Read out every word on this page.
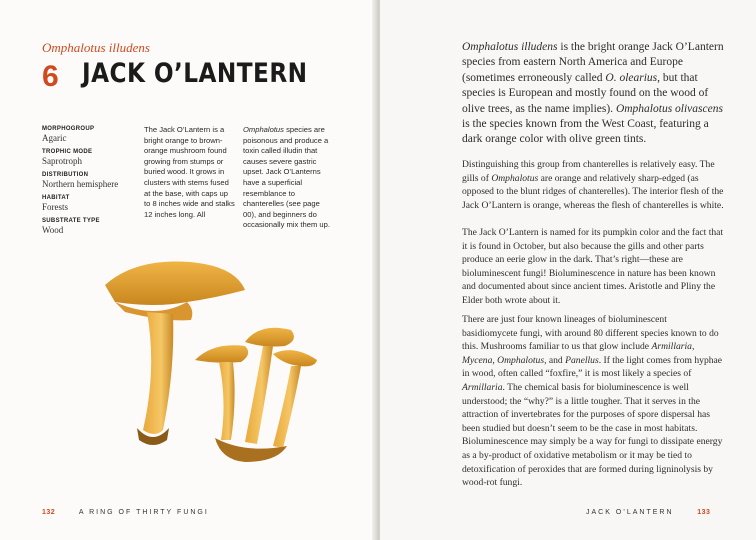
Omphalotus illudens
6 JACK O’LANTERN
MORPHOGROUP
Agaric
TROPHIC MODE
Saprotroph
DISTRIBUTION
Northern hemisphere
HABITAT
Forests
SUBSTRATE TYPE
Wood
The Jack O’Lantern is a bright orange to brown-orange mushroom found growing from stumps or buried wood. It grows in clusters with stems fused at the base, with caps up to 8 inches wide and stalks 12 inches long. All
Omphalotus species are poisonous and produce a toxin called illudin that causes severe gastric upset. Jack O’Lanterns have a superficial resemblance to chanterelles (see page 00), and beginners do occasionally mix them up.
132	A RING OF THIRTY FUNGI
Omphalotus illudens is the bright orange Jack O’Lantern species from eastern North America and Europe (sometimes erroneously called O. olearius, but that species is European and mostly found on the wood of olive trees, as the name implies). Omphalotus olivascens is the species known from the West Coast, featuring a dark orange color with olive green tints.
Distinguishing this group from chanterelles is relatively easy. The gills of Omphalotus are orange and relatively sharp-edged (as opposed to the blunt ridges of chanterelles). The interior flesh of the Jack O’Lantern is orange, whereas the flesh of chanterelles is white.
The Jack O’Lantern is named for its pumpkin color and the fact that it is found in October, but also because the gills and other parts produce an eerie glow in the dark. That’s right—these are bioluminescent fungi! Bioluminescence in nature has been known and documented about since ancient times. Aristotle and Pliny the Elder both wrote about it.
There are just four known lineages of bioluminescent basidiomycete fungi, with around 80 different species known to do this. Mushrooms familiar to us that glow include Armillaria, Mycena, Omphalotus, and Panellus. If the light comes from hyphae in wood, often called “foxfire,” it is most likely a species of Armillaria. The chemical basis for bioluminescence is well understood; the “why?” is a little tougher. That it serves in the attraction of invertebrates for the purposes of spore dispersal has been studied but doesn’t seem to be the case in most habitats. Bioluminescence may simply be a way for fungi to dissipate energy as a by-product of oxidative metabolism or it may be tied to detoxification of peroxides that are formed during ligninolysis by wood-rot fungi.
JACK O’LANTERN	133
